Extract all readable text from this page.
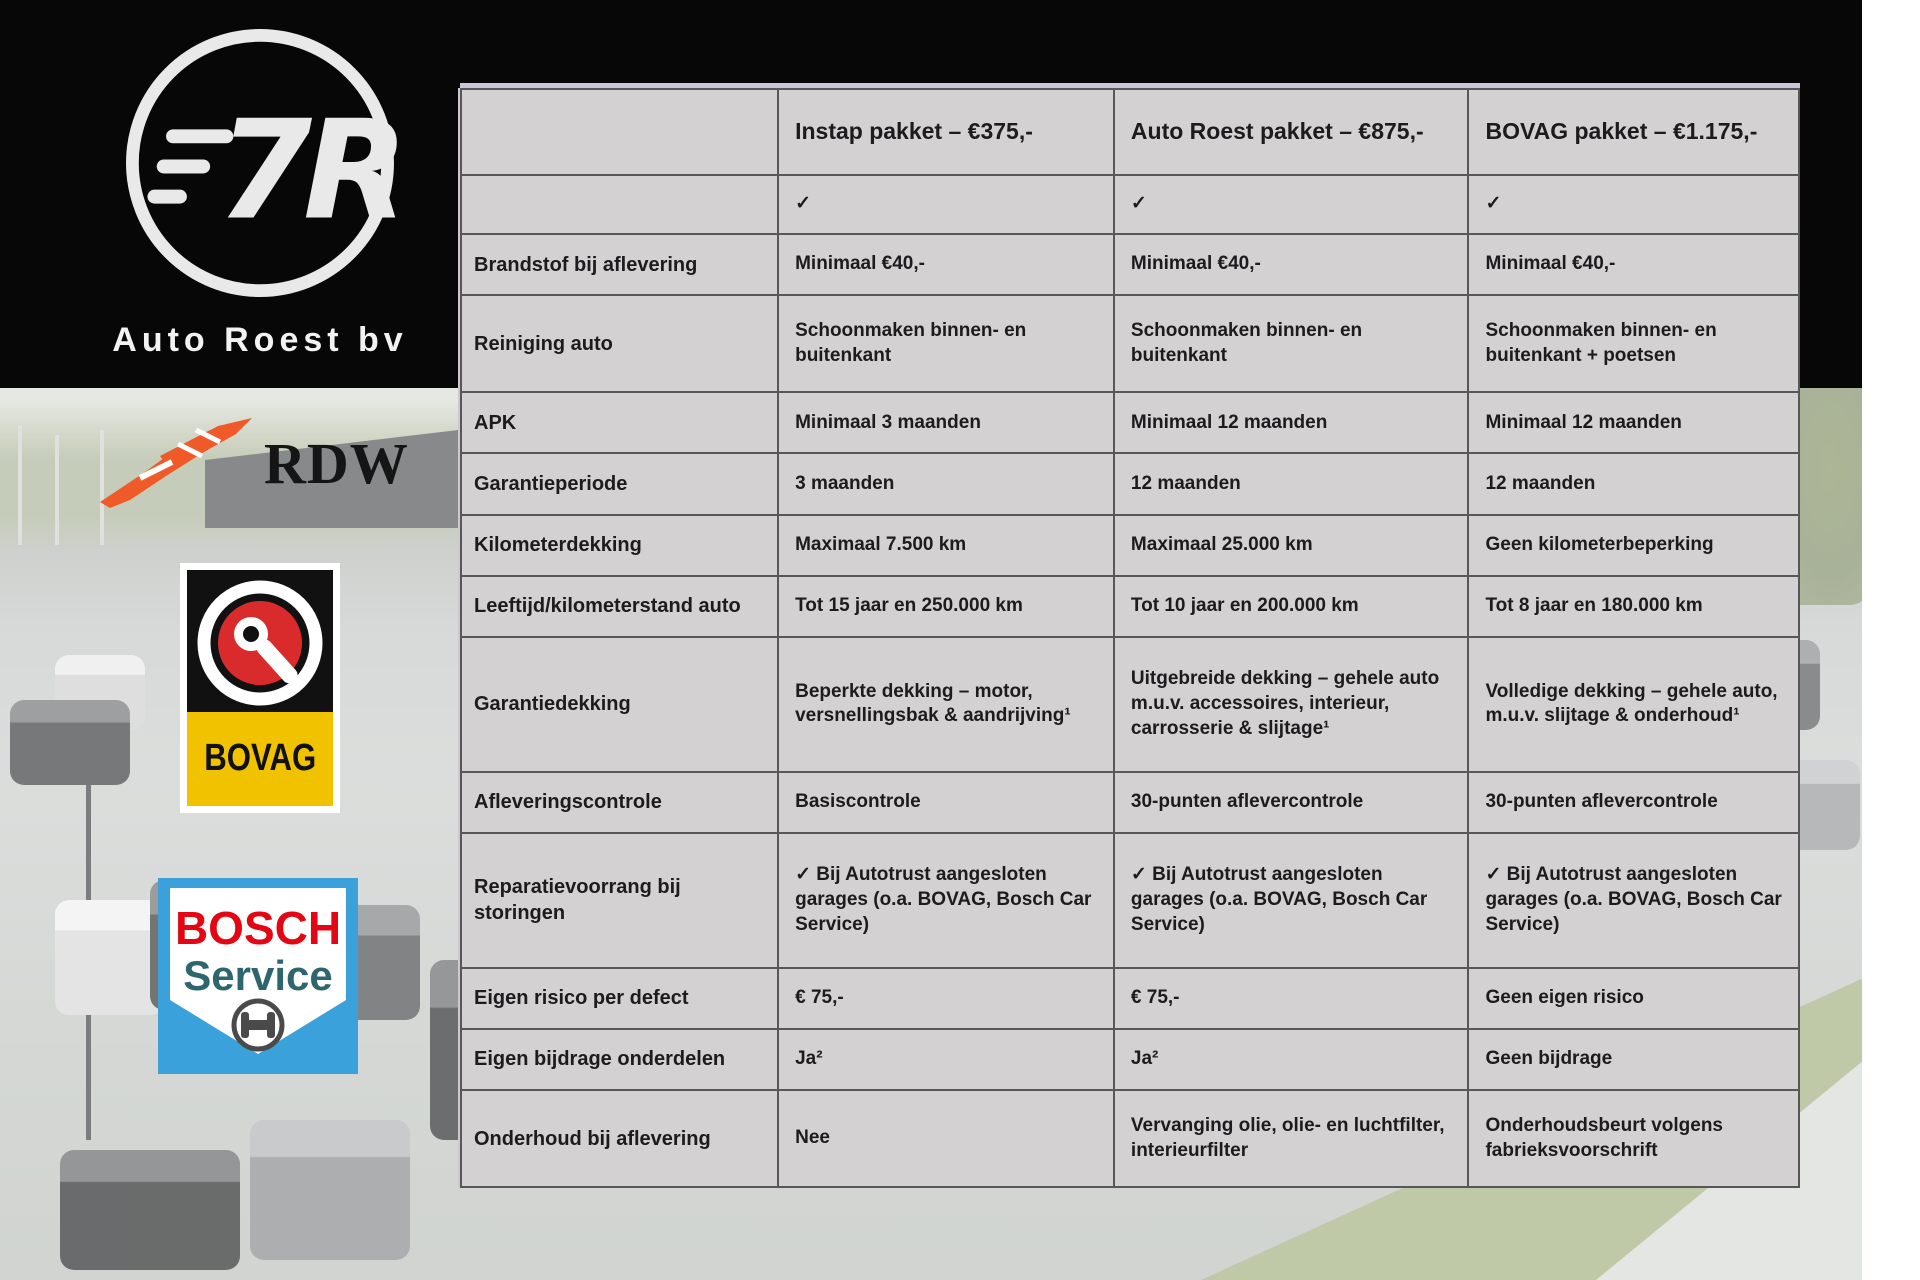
7R
Auto Roest bv
RDW
BOVAG
BOSCH
Service
	Instap pakket – €375,-	Auto Roest pakket – €875,-	BOVAG pakket – €1.175,-
	✓	✓	✓
Brandstof bij aflevering	Minimaal €40,-	Minimaal €40,-	Minimaal €40,-
Reiniging auto	Schoonmaken binnen- en buitenkant	Schoonmaken binnen- en buitenkant	Schoonmaken binnen- en buitenkant + poetsen
APK	Minimaal 3 maanden	Minimaal 12 maanden	Minimaal 12 maanden
Garantieperiode	3 maanden	12 maanden	12 maanden
Kilometerdekking	Maximaal 7.500 km	Maximaal 25.000 km	Geen kilometerbeperking
Leeftijd/kilometerstand auto	Tot 15 jaar en 250.000 km	Tot 10 jaar en 200.000 km	Tot 8 jaar en 180.000 km
Garantiedekking	Beperkte dekking – motor, versnellingsbak & aandrijving¹	Uitgebreide dekking – gehele auto m.u.v. accessoires, interieur, carrosserie & slijtage¹	Volledige dekking – gehele auto, m.u.v. slijtage & onderhoud¹
Afleveringscontrole	Basiscontrole	30-punten aflevercontrole	30-punten aflevercontrole
Reparatievoorrang bij storingen	✓ Bij Autotrust aangesloten garages (o.a. BOVAG, Bosch Car Service)	✓ Bij Autotrust aangesloten garages (o.a. BOVAG, Bosch Car Service)	✓ Bij Autotrust aangesloten garages (o.a. BOVAG, Bosch Car Service)
Eigen risico per defect	€ 75,-	€ 75,-	Geen eigen risico
Eigen bijdrage onderdelen	Ja²	Ja²	Geen bijdrage
Onderhoud bij aflevering	Nee	Vervanging olie, olie- en luchtfilter, interieurfilter	Onderhoudsbeurt volgens fabrieksvoorschrift
